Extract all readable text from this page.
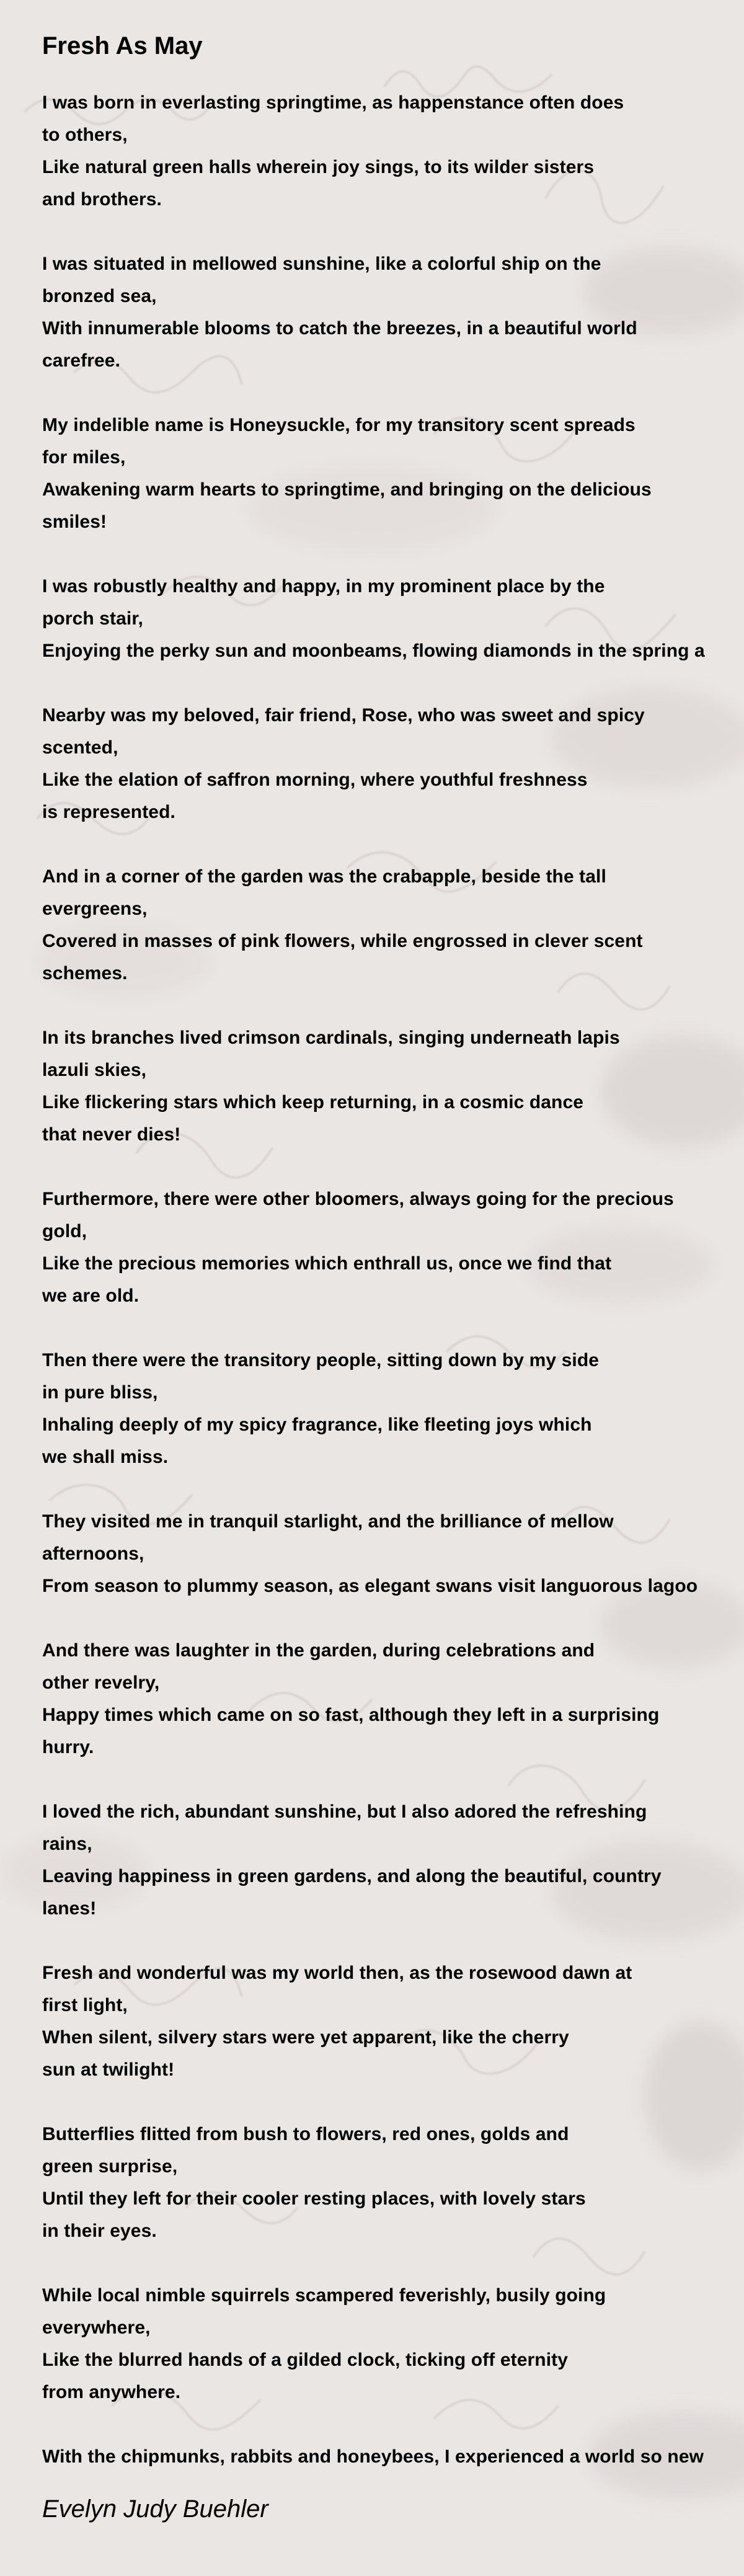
Fresh As May
I was born in everlasting springtime, as happenstance often does
to others,
Like natural green halls wherein joy sings, to its wilder sisters
and brothers.
I was situated in mellowed sunshine, like a colorful ship on the
bronzed sea,
With innumerable blooms to catch the breezes, in a beautiful world
carefree.
My indelible name is Honeysuckle, for my transitory scent spreads
for miles,
Awakening warm hearts to springtime, and bringing on the delicious
smiles!
I was robustly healthy and happy, in my prominent place by the
porch stair,
Enjoying the perky sun and moonbeams, flowing diamonds in the spring a
Nearby was my beloved, fair friend, Rose, who was sweet and spicy
scented,
Like the elation of saffron morning, where youthful freshness
is represented.
And in a corner of the garden was the crabapple, beside the tall
evergreens,
Covered in masses of pink flowers, while engrossed in clever scent
schemes.
In its branches lived crimson cardinals, singing underneath lapis
lazuli skies,
Like flickering stars which keep returning, in a cosmic dance
that never dies!
Furthermore, there were other bloomers, always going for the precious
gold,
Like the precious memories which enthrall us, once we find that
we are old.
Then there were the transitory people, sitting down by my side
in pure bliss,
Inhaling deeply of my spicy fragrance, like fleeting joys which
we shall miss.
They visited me in tranquil starlight, and the brilliance of mellow
afternoons,
From season to plummy season, as elegant swans visit languorous lagoo
And there was laughter in the garden, during celebrations and
other revelry,
Happy times which came on so fast, although they left in a surprising
hurry.
I loved the rich, abundant sunshine, but I also adored the refreshing
rains,
Leaving happiness in green gardens, and along the beautiful, country
lanes!
Fresh and wonderful was my world then, as the rosewood dawn at
first light,
When silent, silvery stars were yet apparent, like the cherry
sun at twilight!
Butterflies flitted from bush to flowers, red ones, golds and
green surprise,
Until they left for their cooler resting places, with lovely stars
in their eyes.
While local nimble squirrels scampered feverishly, busily going
everywhere,
Like the blurred hands of a gilded clock, ticking off eternity
from anywhere.
With the chipmunks, rabbits and honeybees, I experienced a world so new
Evelyn Judy Buehler
